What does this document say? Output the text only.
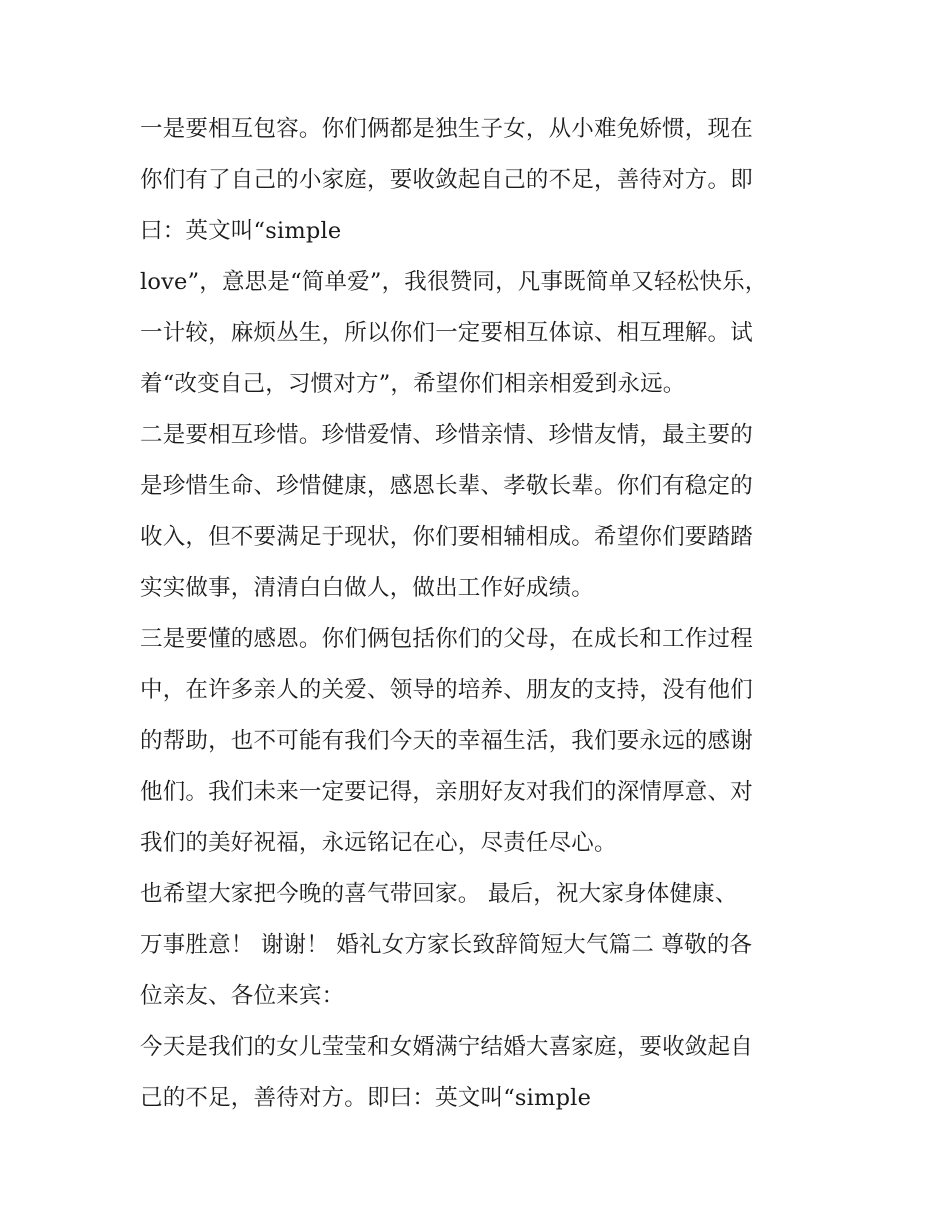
一是要相互包容。你们俩都是独生子女，从小难免娇惯，现在
你们有了自己的小家庭，要收敛起自己的不足，善待对方。即
曰：英文叫“simple

love”，意思是“简单爱”，我很赞同，凡事既简单又轻松快乐，
一计较，麻烦丛生，所以你们一定要相互体谅、相互理解。试
着“改变自己，习惯对方”，希望你们相亲相爱到永远。

二是要相互珍惜。珍惜爱情、珍惜亲情、珍惜友情，最主要的
是珍惜生命、珍惜健康，感恩长辈、孝敬长辈。你们有稳定的
收入，但不要满足于现状，你们要相辅相成。希望你们要踏踏
实实做事，清清白白做人，做出工作好成绩。

三是要懂的感恩。你们俩包括你们的父母，在成长和工作过程
中，在许多亲人的关爱、领导的培养、朋友的支持，没有他们
的帮助，也不可能有我们今天的幸福生活，我们要永远的感谢
他们。我们未来一定要记得，亲朋好友对我们的深情厚意、对
我们的美好祝福，永远铭记在心，尽责任尽心。

也希望大家把今晚的喜气带回家。 最后，祝大家身体健康、
万事胜意！ 谢谢！ 婚礼女方家长致辞简短大气篇二 尊敬的各
位亲友、各位来宾：

今天是我们的女儿莹莹和女婿满宁结婚大喜家庭，要收敛起自
己的不足，善待对方。即曰：英文叫“simple
